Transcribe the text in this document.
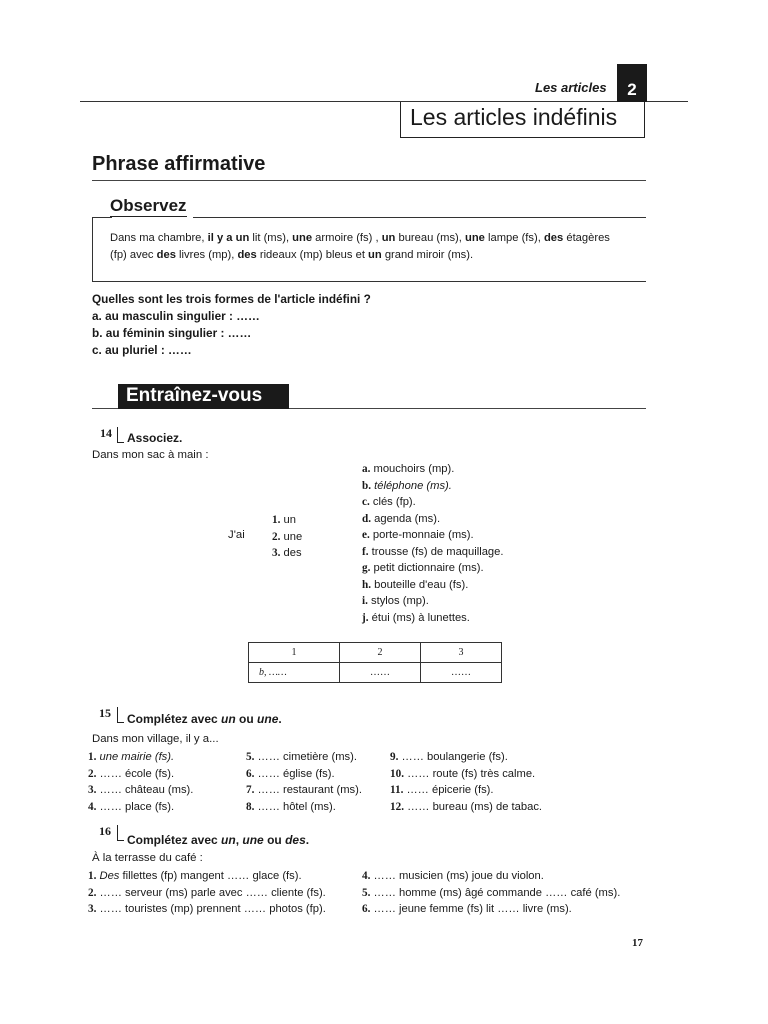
Les articles	2
Les articles indéfinis
Phrase affirmative
Observez
Dans ma chambre, il y a un lit (ms), une armoire (fs) , un bureau (ms), une lampe (fs), des étagères
(fp) avec des livres (mp), des rideaux (mp) bleus et un grand miroir (ms).
Quelles sont les trois formes de l'article indéfini ?
a. au masculin singulier : ……
b. au féminin singulier : ……
c. au pluriel : ……
Entraînez-vous
14 Associez.
Dans mon sac à main :
J'ai
1. un
2. une
3. des
a. mouchoirs (mp).
b. téléphone (ms).
c. clés (fp).
d. agenda (ms).
e. porte-monnaie (ms).
f. trousse (fs) de maquillage.
g. petit dictionnaire (ms).
h. bouteille d'eau (fs).
i. stylos (mp).
j. étui (ms) à lunettes.
1	2	3
b, ……	……	……
15 Complétez avec un ou une.
Dans mon village, il y a...
1. une mairie (fs).
2. …… école (fs).
3. …… château (ms).
4. …… place (fs).
5. …… cimetière (ms).
6. …… église (fs).
7. …… restaurant (ms).
8. …… hôtel (ms).
9. …… boulangerie (fs).
10. …… route (fs) très calme.
11. …… épicerie (fs).
12. …… bureau (ms) de tabac.
16
Complétez avec un, une ou des.
À la terrasse du café :
1. Des fillettes (fp) mangent …… glace (fs).
2. …… serveur (ms) parle avec …… cliente (fs).
3. …… touristes (mp) prennent …… photos (fp).
4. …… musicien (ms) joue du violon.
5. …… homme (ms) âgé commande …… café (ms).
6. …… jeune femme (fs) lit …… livre (ms).
17
